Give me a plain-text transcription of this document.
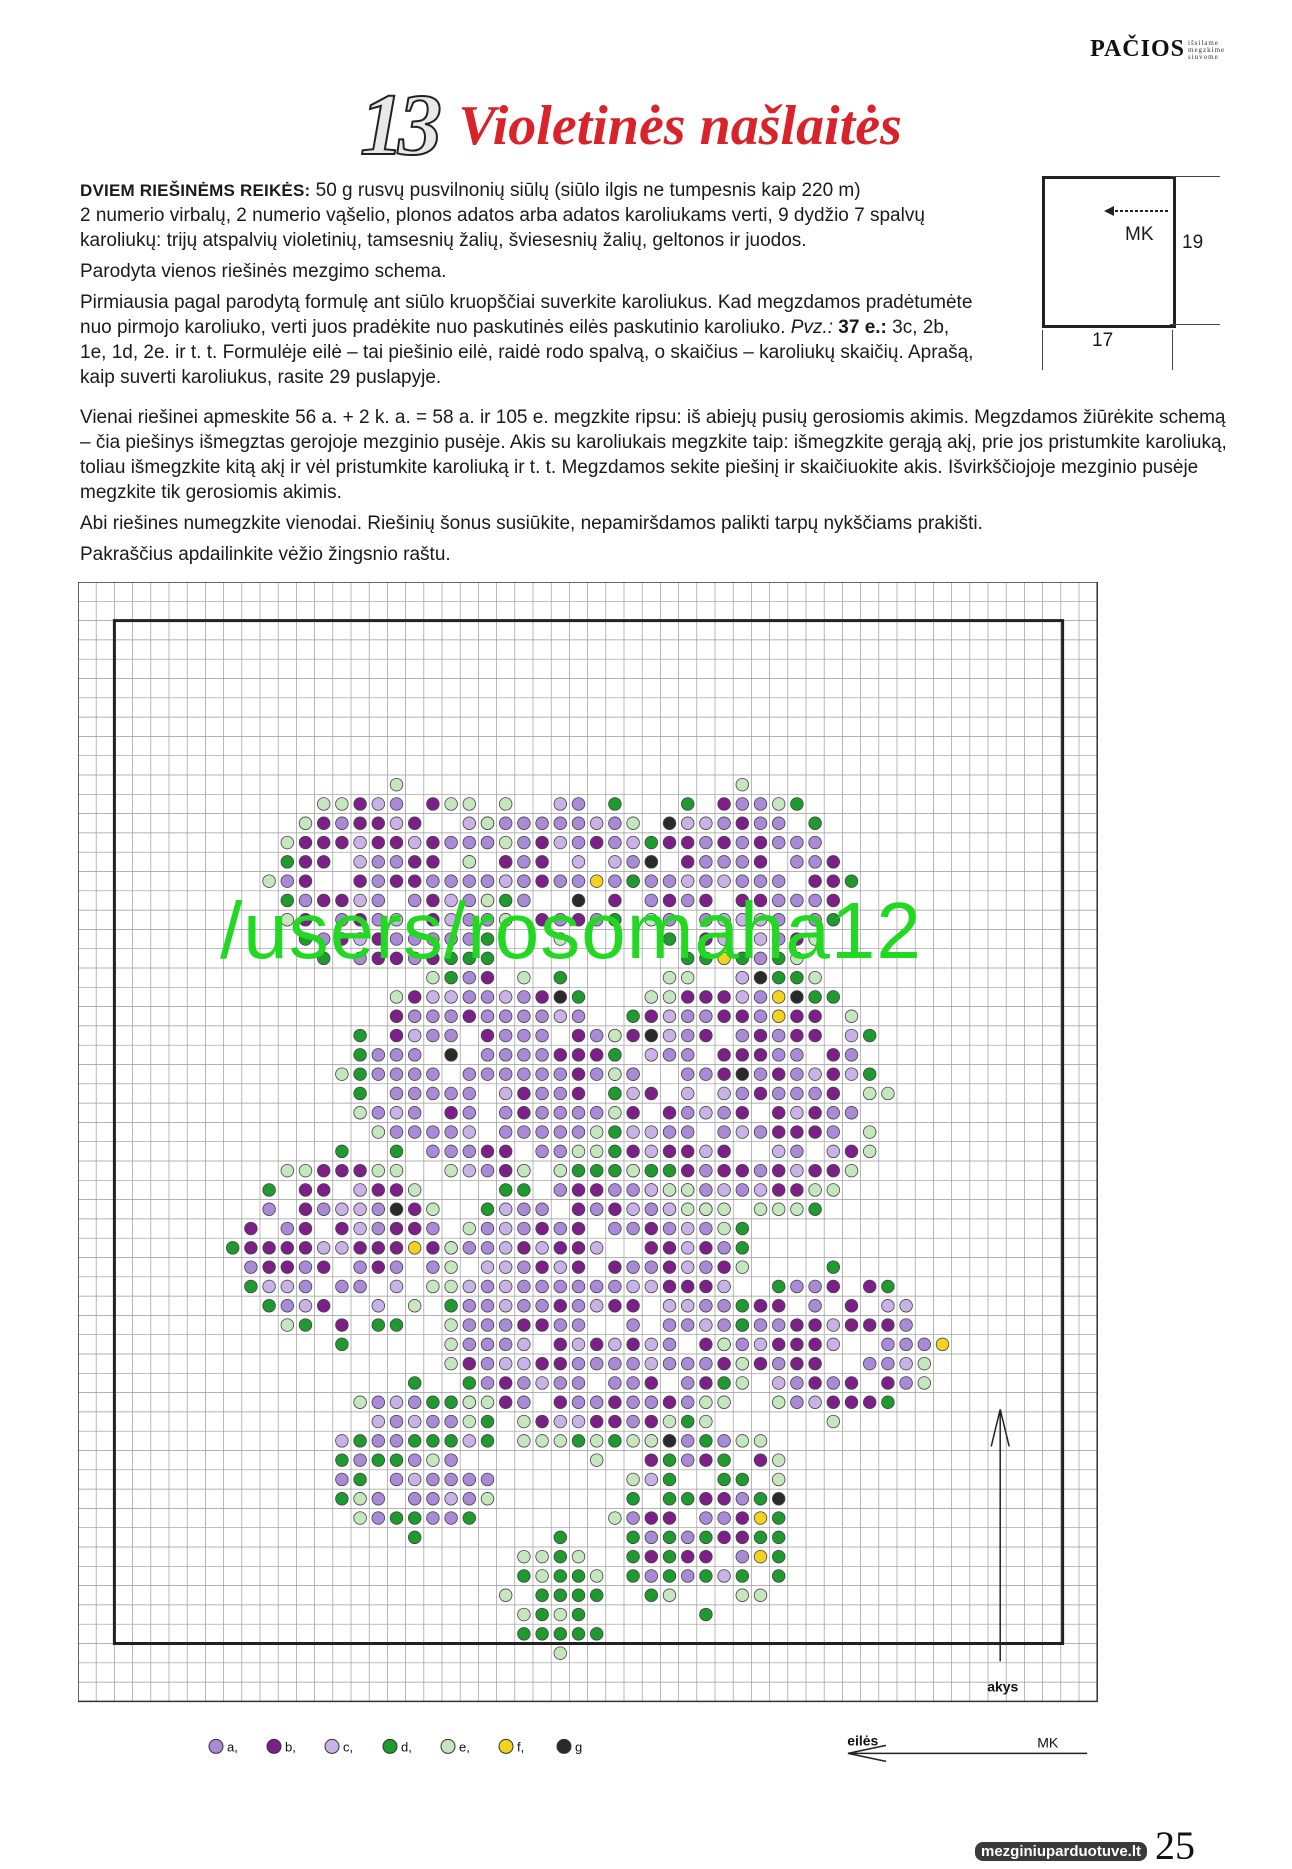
PAČIOS išsilame megzkime siuvome
13 Violetinės našlaitės

DVIEM RIEŠINĖMS REIKĖS: 50 g rusvų pusvilnonių siūlų (siūlo ilgis ne tumpesnis kaip 220 m)
2 numerio virbalų, 2 numerio vąšelio, plonos adatos arba adatos karoliukams verti, 9 dydžio 7 spalvų karoliukų: trijų atspalvių violetinių, tamsesnių žalių, šviesesnių žalių, geltonos ir juodos.

Parodyta vienos riešinės mezgimo schema.

Pirmiausia pagal parodytą formulę ant siūlo kruopščiai suverkite karoliukus. Kad megzdamos pradėtumėte nuo pirmojo karoliuko, verti juos pradėkite nuo paskutinės eilės paskutinio karoliuko. Pvz.: 37 e.: 3c, 2b, 1e, 1d, 2e. ir t. t. Formulėje eilė – tai piešinio eilė, raidė rodo spalvą, o skaičius – karoliukų skaičių. Aprašą, kaip suverti karoliukus, rasite 29 puslapyje.

Vienai riešinei apmeskite 56 a. + 2 k. a. = 58 a. ir 105 e. megzkite ripsu: iš abiejų pusių gerosiomis akimis. Megzdamos žiūrėkite schemą – čia piešinys išmegztas gerojoje mezginio pusėje. Akis su karoliukais megzkite taip: išmegzkite gerąją akį, prie jos pristumkite karoliuką, toliau išmegzkite kitą akį ir vėl pristumkite karoliuką ir t. t. Megzdamos sekite piešinį ir skaičiuokite akis. Išvirkščiojoje mezginio pusėje megzkite tik gerosiomis akimis.

Abi riešines numegzkite vienodai. Riešinių šonus susiūkite, nepamiršdamos palikti tarpų nykščiams prakišti.

Pakraščius apdailinkite vėžio žingsnio raštu.

MK 19
17
a,	b,	c,	d,	e,	f,	g
akys
eilės	MK
/users/rosomaha12
mezginiuparduotuve.lt 25
